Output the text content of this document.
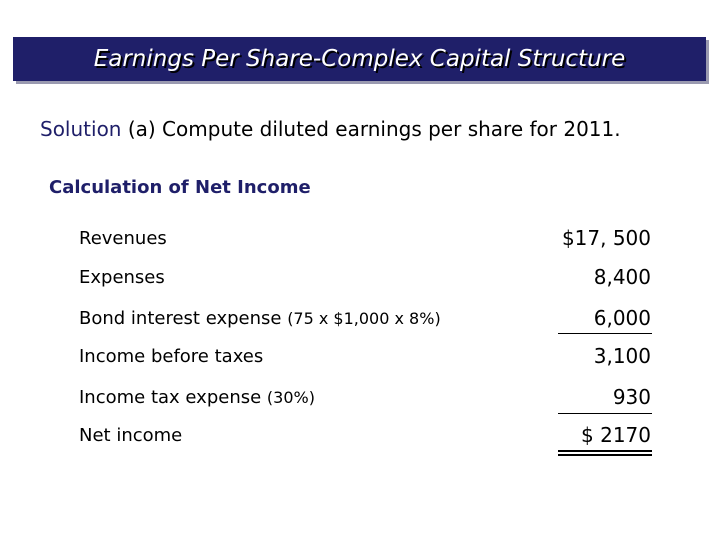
Earnings Per Share-Complex Capital Structure
Solution (a) Compute diluted earnings per share for 2011.
Calculation of Net Income
Revenues	$17, 500
Expenses	8,400
Bond interest expense (75 x $1,000 x 8%)	6,000
Income before taxes	3,100
Income tax expense (30%)	930
Net income	$ 2170
